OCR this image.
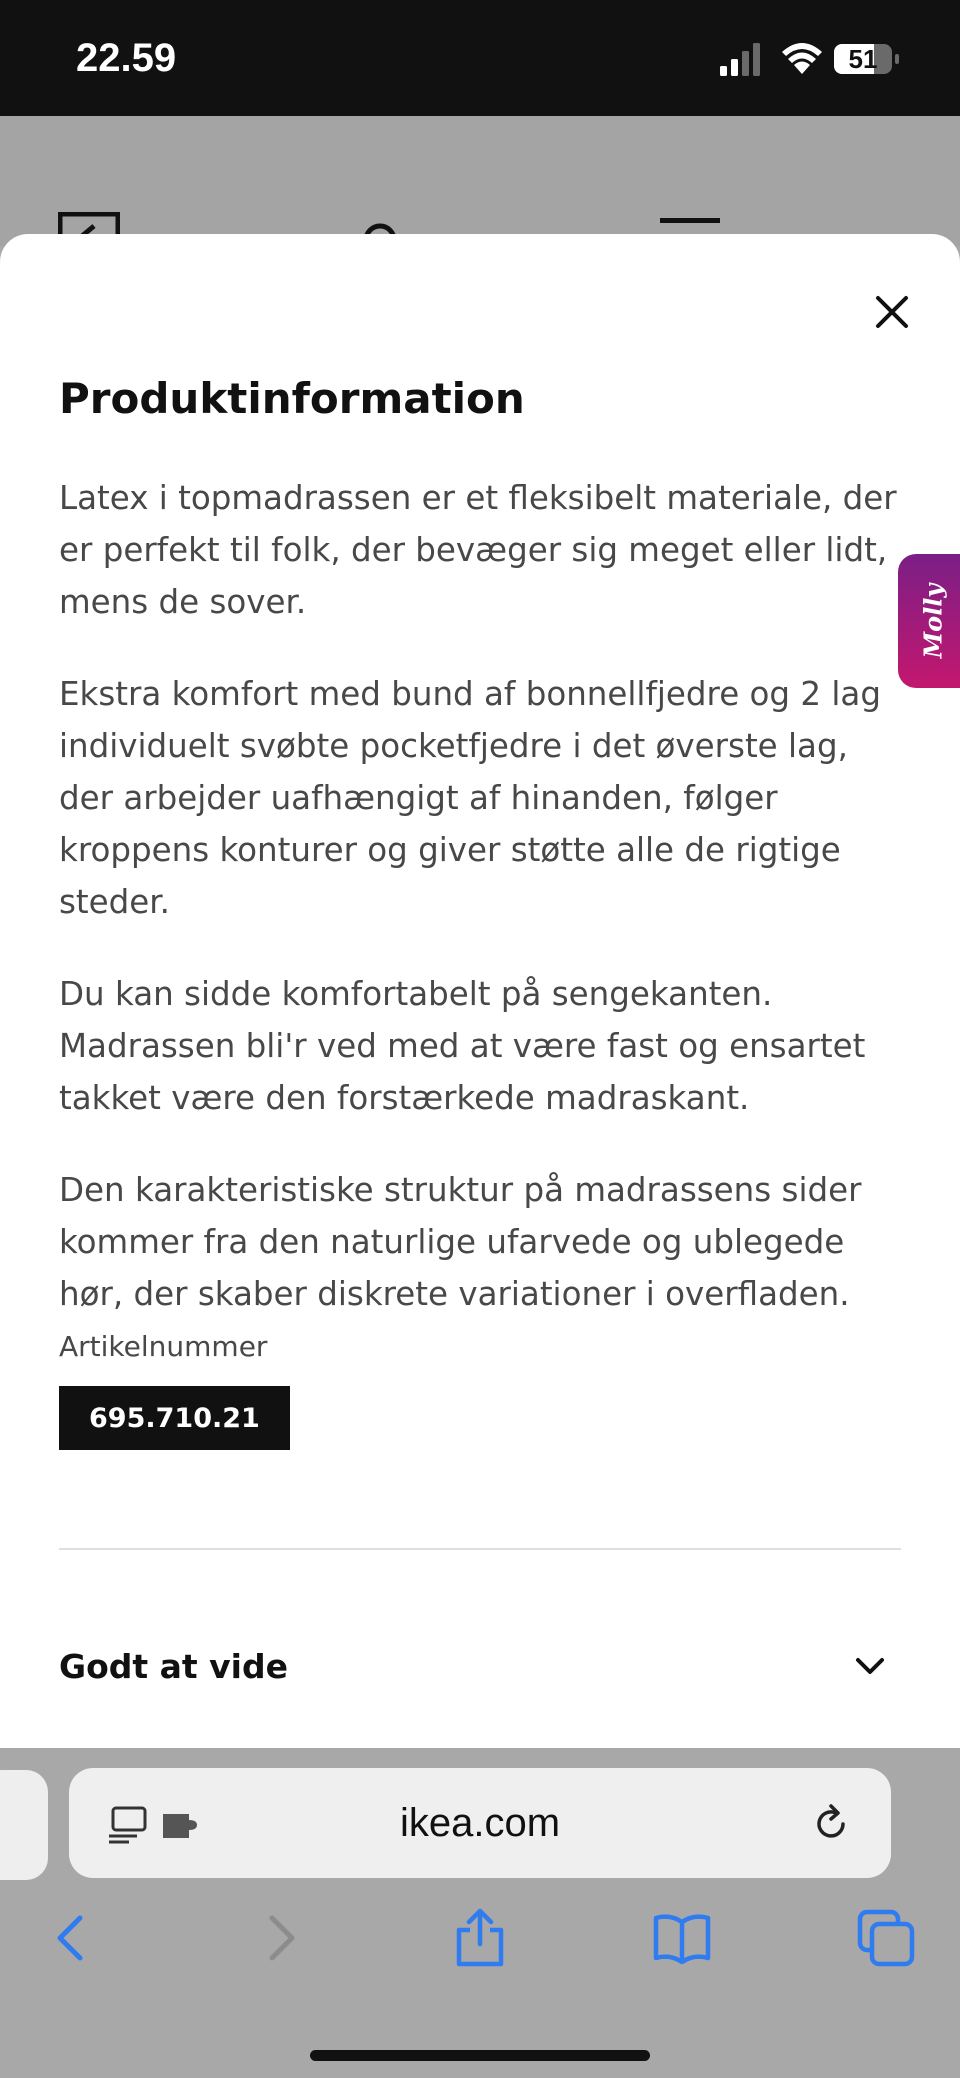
22.59	51
Produktinformation

Latex i topmadrassen er et fleksibelt materiale, der er perfekt til folk, der bevæger sig meget eller lidt, mens de sover.

Ekstra komfort med bund af bonnellfjedre og 2 lag individuelt svøbte pocketfjedre i det øverste lag, der arbejder uafhængigt af hinanden, følger kroppens konturer og giver støtte alle de rigtige steder.

Du kan sidde komfortabelt på sengekanten. Madrassen bli'r ved med at være fast og ensartet takket være den forstærkede madraskant.

Den karakteristiske struktur på madrassens sider kommer fra den naturlige ufarvede og ublegede hør, der skaber diskrete variationer i overfladen.

Artikelnummer
695.710.21
Godt at vide
Molly
ikea.com
